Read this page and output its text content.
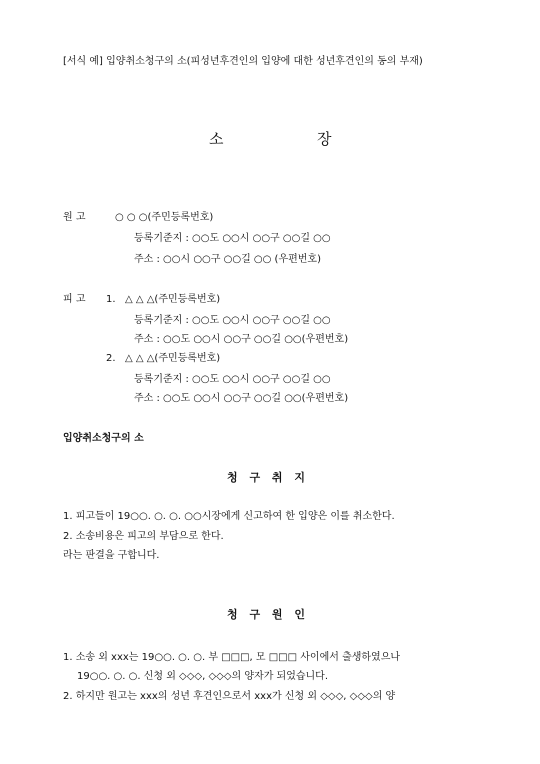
[서식 예] 입양취소청구의 소(피성년후견인의 입양에 대한 성년후견인의 동의 부재)
소	장
원 고	○ ○ ○(주민등록번호)
등록기준지 : ○○도 ○○시 ○○구 ○○길 ○○
주소 : ○○시 ○○구 ○○길 ○○ (우편번호)
피 고 1. △ △ △(주민등록번호)
등록기준지 : ○○도 ○○시 ○○구 ○○길 ○○
주소 : ○○도 ○○시 ○○구 ○○길 ○○(우편번호)
2. △ △ △(주민등록번호)
등록기준지 : ○○도 ○○시 ○○구 ○○길 ○○
주소 : ○○도 ○○시 ○○구 ○○길 ○○(우편번호)
입양취소청구의 소
청 구 취 지
1. 피고들이 19○○. ○. ○. ○○시장에게 신고하여 한 입양은 이를 취소한다.
2. 소송비용은 피고의 부담으로 한다.
라는 판결을 구합니다.
청 구 원 인
1. 소송 외 xxx는 19○○. ○. ○. 부 □□□, 모 □□□ 사이에서 출생하였으나
19○○. ○. ○. 신청 외 ◇◇◇, ◇◇◇의 양자가 되었습니다.
2. 하지만 원고는 xxx의 성년 후견인으로서 xxx가 신청 외 ◇◇◇, ◇◇◇의 양
